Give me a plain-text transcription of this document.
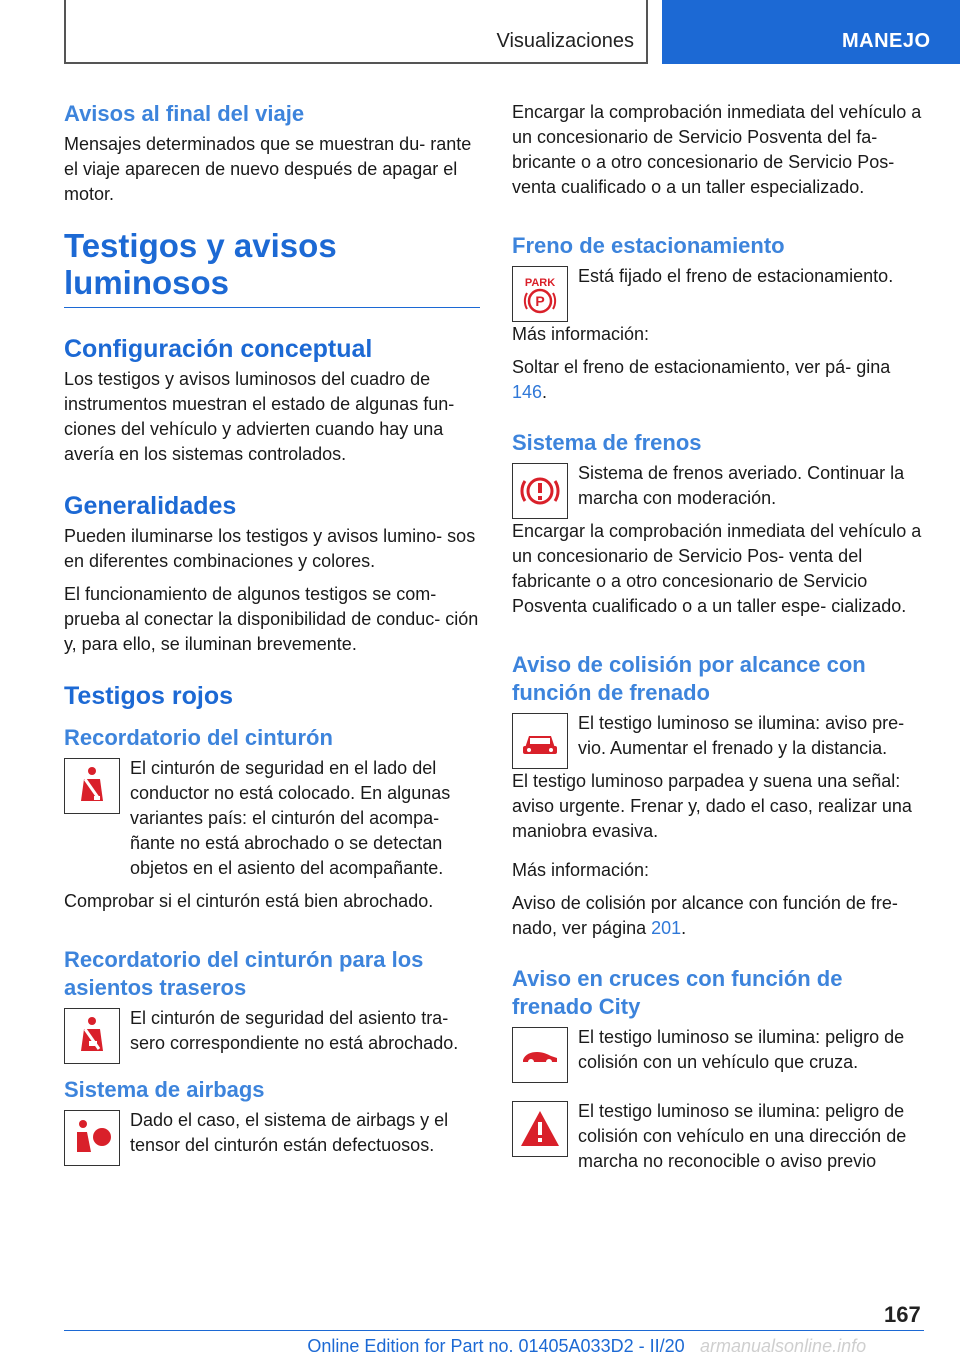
Visualizaciones	MANEJO
Avisos al final del viaje

Mensajes determinados que se muestran du- rante el viaje aparecen de nuevo después de apagar el motor.

Testigos y avisos luminosos
Configuración conceptual

Los testigos y avisos luminosos del cuadro de instrumentos muestran el estado de algunas fun- ciones del vehículo y advierten cuando hay una avería en los sistemas controlados.

Generalidades

Pueden iluminarse los testigos y avisos lumino- sos en diferentes combinaciones y colores.

El funcionamiento de algunos testigos se com- prueba al conectar la disponibilidad de conduc- ción y, para ello, se iluminan brevemente.

Testigos rojos
Recordatorio del cinturón

El cinturón de seguridad en el lado del conductor no está colocado. En algunas variantes país: el cinturón del acompa- ñante no está abrochado o se detectan objetos en el asiento del acompañante.

Comprobar si el cinturón está bien abrochado.

Recordatorio del cinturón para los asientos traseros

El cinturón de seguridad del asiento tra- sero correspondiente no está abrochado.

Sistema de airbags

Dado el caso, el sistema de airbags y el tensor del cinturón están defectuosos.

Encargar la comprobación inmediata del vehículo a un concesionario de Servicio Posventa del fa- bricante o a otro concesionario de Servicio Pos- venta cualificado o a un taller especializado.

Freno de estacionamiento
PARK
P

Está fijado el freno de estacionamiento.

Más información:

Soltar el freno de estacionamiento, ver pá- gina 146.

Sistema de frenos

Sistema de frenos averiado. Continuar la marcha con moderación.

Encargar la comprobación inmediata del vehículo a un concesionario de Servicio Pos- venta del fabricante o a otro concesionario de Servicio Posventa cualificado o a un taller espe- cializado.

Aviso de colisión por alcance con función de frenado

El testigo luminoso se ilumina: aviso pre- vio. Aumentar el frenado y la distancia.

El testigo luminoso parpadea y suena una señal: aviso urgente. Frenar y, dado el caso, realizar una maniobra evasiva.

Más información:

Aviso de colisión por alcance con función de fre- nado, ver página 201.

Aviso en cruces con función de frenado City

El testigo luminoso se ilumina: peligro de colisión con un vehículo que cruza.

El testigo luminoso se ilumina: peligro de colisión con vehículo en una dirección de marcha no reconocible o aviso previo

167
Online Edition for Part no. 01405A033D2 - II/20 armanualsonline.info
